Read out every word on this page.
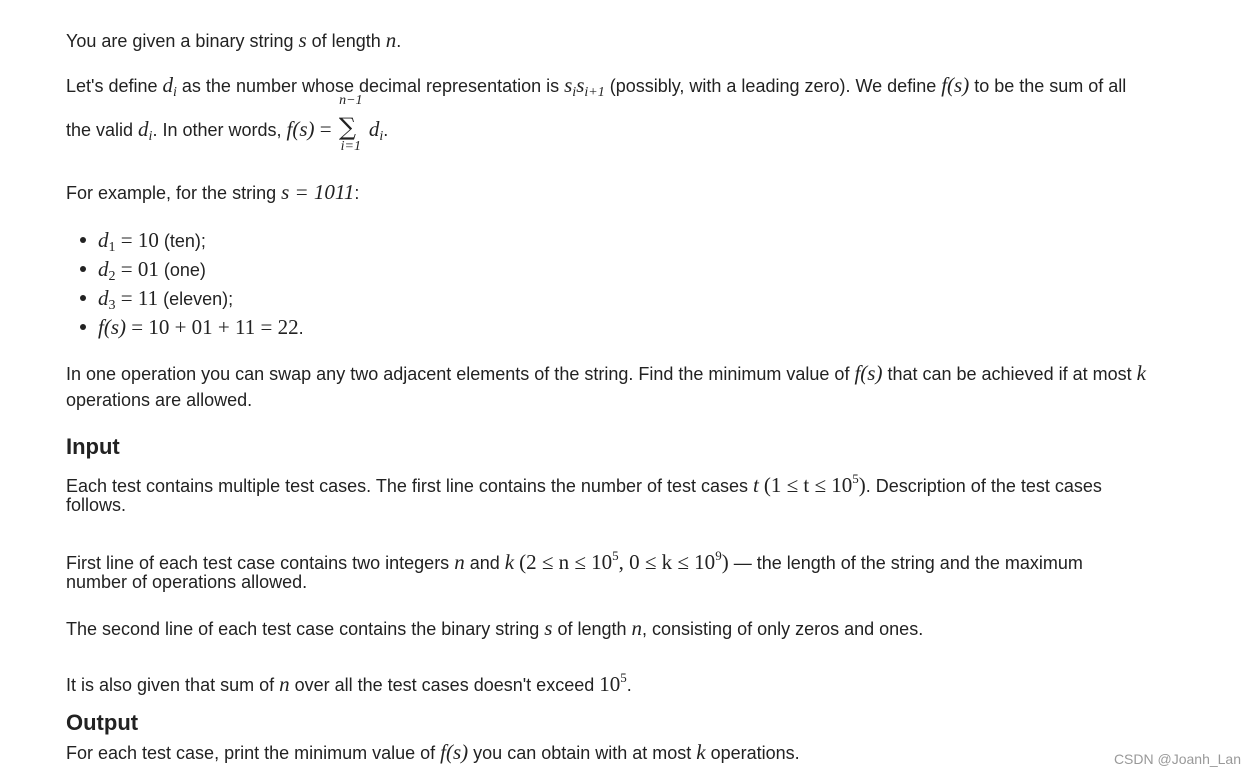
You are given a binary string s of length n.
Let's define di as the number whose decimal representation is sisi+1 (possibly, with a leading zero). We define f(s) to be the sum of all
the valid di. In other words, f(s) =
n−1
∑
i=1
di.
For example, for the string s = 1011:
$d_1 = 10$ (ten);
$d_2 = 01$ (one)
$d_3 = 11$ (eleven);
f(s) = 10 + 01 + 11 = 22.
In one operation you can swap any two adjacent elements of the string. Find the minimum value of f(s) that can be achieved if at most k
operations are allowed.
Input
Each test contains multiple test cases. The first line contains the number of test cases t $(1 \le t \le 10^5)$. Description of the test cases
follows.
First line of each test case contains two integers n and k ($2 \le n \le 10^5$, $0 \le k \le 10^9$) — the length of the string and the maximum
number of operations allowed.
The second line of each test case contains the binary string s of length n, consisting of only zeros and ones.
It is also given that sum of n over all the test cases doesn't exceed $10^5$.
Output
For each test case, print the minimum value of f(s) you can obtain with at most k operations.	CSDN @Joanh_Lan
